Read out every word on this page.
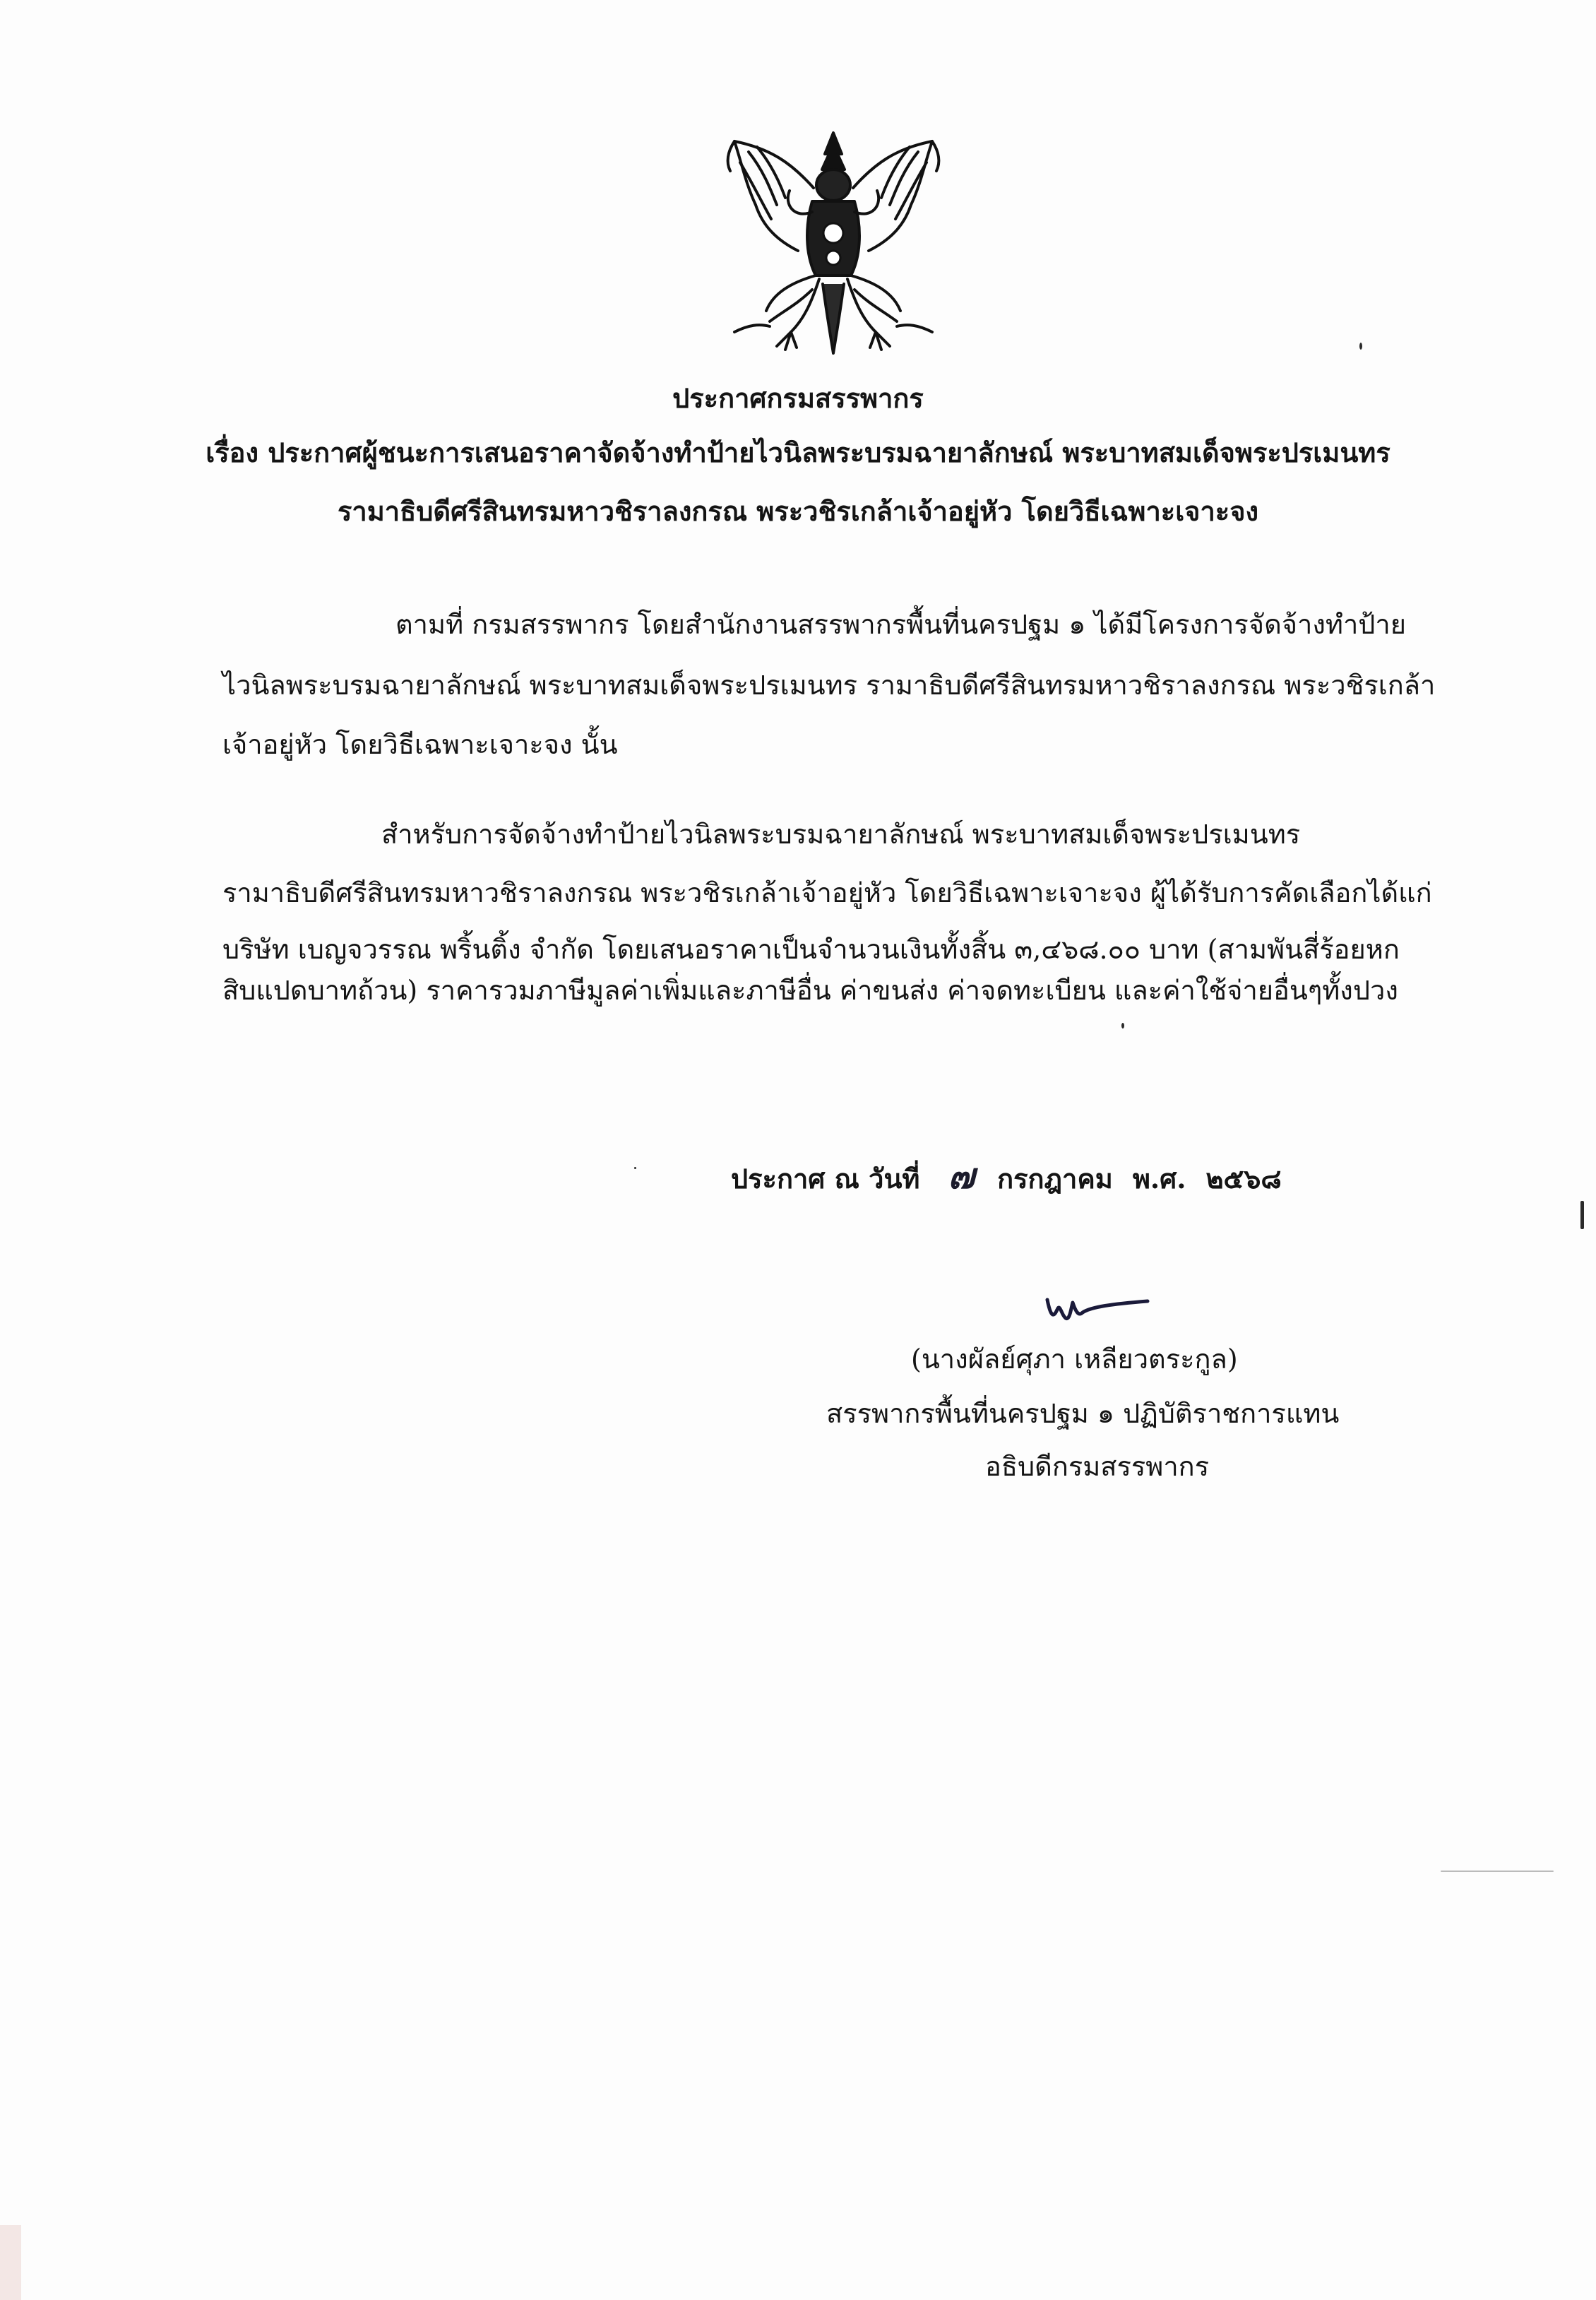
ประกาศกรมสรรพากร
เรื่อง ประกาศผู้ชนะการเสนอราคาจัดจ้างทำป้ายไวนิลพระบรมฉายาลักษณ์ พระบาทสมเด็จพระปรเมนทร
รามาธิบดีศรีสินทรมหาวชิราลงกรณ พระวชิรเกล้าเจ้าอยู่หัว โดยวิธีเฉพาะเจาะจง
ตามที่ กรมสรรพากร โดยสำนักงานสรรพากรพื้นที่นครปฐม ๑ ได้มีโครงการจัดจ้างทำป้าย
ไวนิลพระบรมฉายาลักษณ์ พระบาทสมเด็จพระปรเมนทร รามาธิบดีศรีสินทรมหาวชิราลงกรณ พระวชิรเกล้า
เจ้าอยู่หัว โดยวิธีเฉพาะเจาะจง นั้น
สำหรับการจัดจ้างทำป้ายไวนิลพระบรมฉายาลักษณ์ พระบาทสมเด็จพระปรเมนทร
รามาธิบดีศรีสินทรมหาวชิราลงกรณ พระวชิรเกล้าเจ้าอยู่หัว โดยวิธีเฉพาะเจาะจง ผู้ได้รับการคัดเลือกได้แก่
บริษัท เบญจวรรณ พริ้นติ้ง จำกัด โดยเสนอราคาเป็นจำนวนเงินทั้งสิ้น ๓,๔๖๘.๐๐ บาท (สามพันสี่ร้อยหก
สิบแปดบาทถ้วน) ราคารวมภาษีมูลค่าเพิ่มและภาษีอื่น ค่าขนส่ง ค่าจดทะเบียน และค่าใช้จ่ายอื่นๆทั้งปวง
ประกาศ ณ วันที่ ๗ กรกฎาคม พ.ศ. ๒๕๖๘
(นางผัลย์ศุภา เหลียวตระกูล)
สรรพากรพื้นที่นครปฐม ๑ ปฏิบัติราชการแทน
อธิบดีกรมสรรพากร
